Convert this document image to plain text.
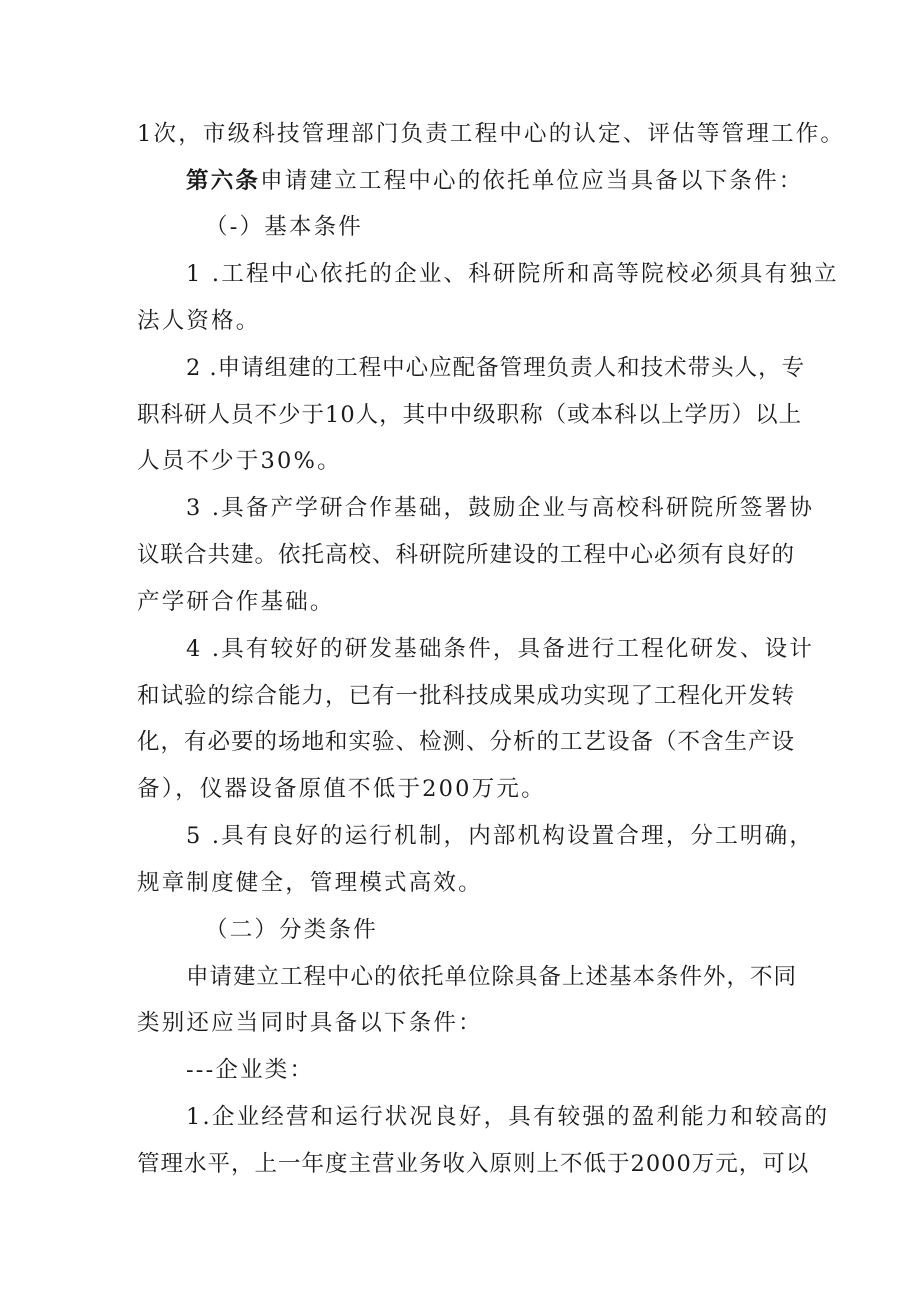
1次，市级科技管理部门负责工程中心的认定、评估等管理工作。
第六条申请建立工程中心的依托单位应当具备以下条件：
（-）基本条件
1 .工程中心依托的企业、科研院所和高等院校必须具有独立
法人资格。
2 .申请组建的工程中心应配备管理负责人和技术带头人，专
职科研人员不少于10人，其中中级职称（或本科以上学历）以上
人员不少于30%。
3 .具备产学研合作基础，鼓励企业与高校科研院所签署协
议联合共建。依托高校、科研院所建设的工程中心必须有良好的
产学研合作基础。
4 .具有较好的研发基础条件，具备进行工程化研发、设计
和试验的综合能力，已有一批科技成果成功实现了工程化开发转
化，有必要的场地和实验、检测、分析的工艺设备（不含生产设
备），仪器设备原值不低于200万元。
5 .具有良好的运行机制，内部机构设置合理，分工明确，
规章制度健全，管理模式高效。
（二）分类条件
申请建立工程中心的依托单位除具备上述基本条件外，不同
类别还应当同时具备以下条件：
---企业类：
1.企业经营和运行状况良好，具有较强的盈利能力和较高的
管理水平，上一年度主营业务收入原则上不低于2000万元，可以
